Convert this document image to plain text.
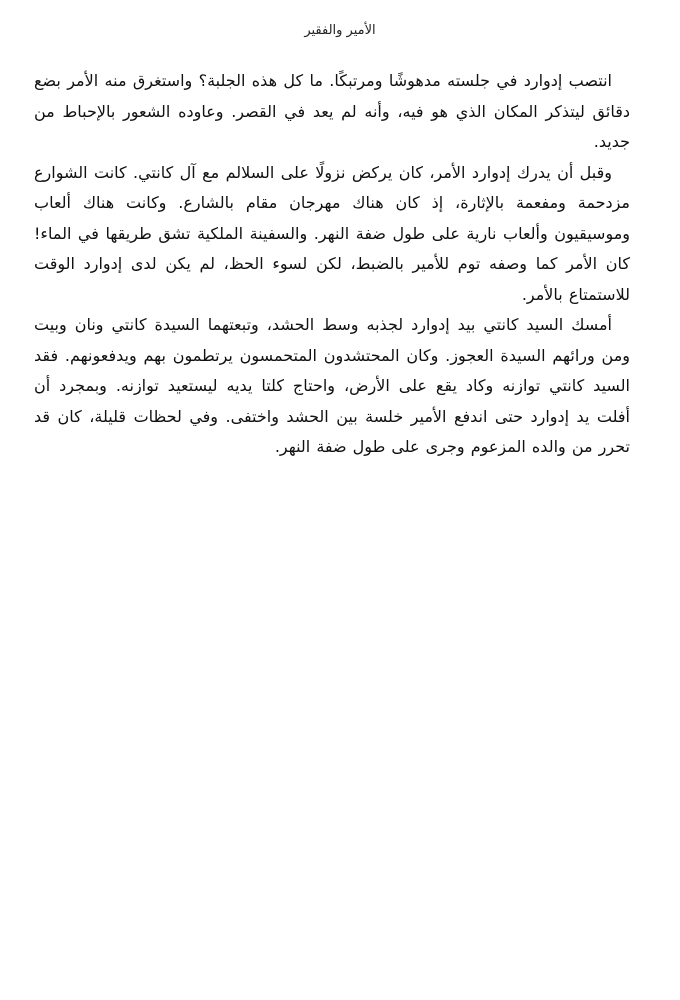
الأمير والفقير

انتصب إدوارد في جلسته مدهوشًا ومرتبكًا. ما كل هذه الجلبة؟ واستغرق منه الأمر بضع دقائق ليتذكر المكان الذي هو فيه، وأنه لم يعد في القصر. وعاوده الشعور بالإحباط من جديد.

وقبل أن يدرك إدوارد الأمر، كان يركض نزولًا على السلالم مع آل كانتي. كانت الشوارع مزدحمة ومفعمة بالإثارة، إذ كان هناك مهرجان مقام بالشارع. وكانت هناك ألعاب وموسيقيون وألعاب نارية على طول ضفة النهر. والسفينة الملكية تشق طريقها في الماء! كان الأمر كما وصفه توم للأمير بالضبط، لكن لسوء الحظ، لم يكن لدى إدوارد الوقت للاستمتاع بالأمر.

أمسك السيد كانتي بيد إدوارد لجذبه وسط الحشد، وتبعتهما السيدة كانتي ونان وبيت ومن ورائهم السيدة العجوز. وكان المحتشدون المتحمسون يرتطمون بهم ويدفعونهم. فقد السيد كانتي توازنه وكاد يقع على الأرض، واحتاج كلتا يديه ليستعيد توازنه. وبمجرد أن أفلت يد إدوارد حتى اندفع الأمير خلسة بين الحشد واختفى. وفي لحظات قليلة، كان قد تحرر من والده المزعوم وجرى على طول ضفة النهر.
